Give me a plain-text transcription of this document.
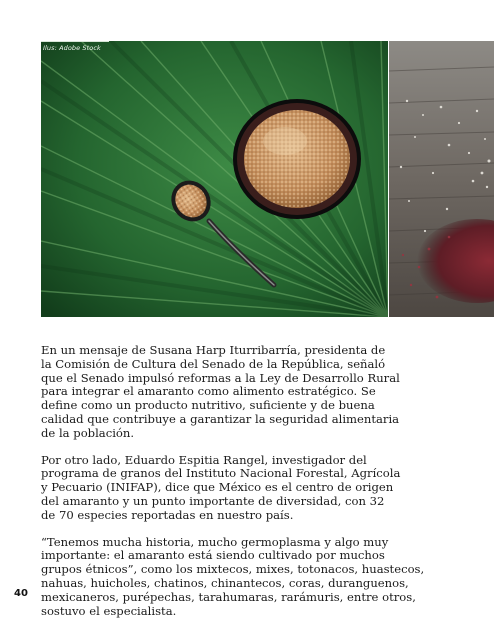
Ilus: Adobe Stock

En un mensaje de Susana Harp Iturribarría, presidenta de
la Comisión de Cultura del Senado de la República, señaló
que el Senado impulsó reformas a la Ley de Desarrollo Rural
para integrar el amaranto como alimento estratégico. Se
define como un producto nutritivo, suficiente y de buena
calidad que contribuye a garantizar la seguridad alimentaria
de la población.

Por otro lado, Eduardo Espitia Rangel, investigador del
programa de granos del Instituto Nacional Forestal, Agrícola
y Pecuario (INIFAP), dice que México es el centro de origen
del amaranto y un punto importante de diversidad, con 32
de 70 especies reportadas en nuestro país.

“Tenemos mucha historia, mucho germoplasma y algo muy
importante: el amaranto está siendo cultivado por muchos
grupos étnicos”, como los mixtecos, mixes, totonacos, huastecos,
nahuas, huicholes, chatinos, chinantecos, coras, duranguenos,
mexicaneros, purépechas, tarahumaras, rarámuris, entre otros,
sostuvo el especialista.

40
